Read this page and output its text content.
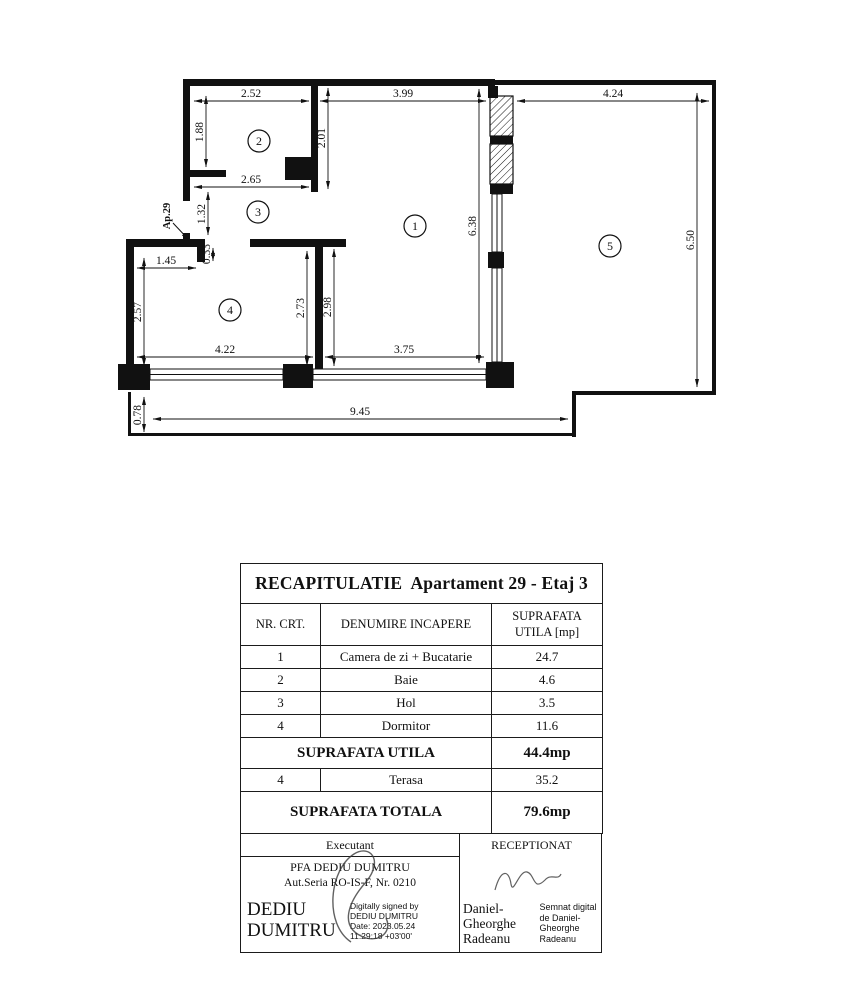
2.52	3.99	4.24
2.65
1.45
4.22	3.75
9.45
1.88	2.01
1.32
0.33
2.57	2.73 2.98
6.38
6.50
0.78
1
2
3
4
5
Ap.29
RECAPITULATIE  Apartament 29 - Etaj 3		
NR. CRT.	DENUMIRE INCAPERE	SUPRAFATA UTILA [mp]
1	Camera de zi + Bucatarie	24.7
2	Baie	4.6
3	Hol	3.5
4	Dormitor	11.6
SUPRAFATA UTILA		44.4mp
4	Terasa	35.2
SUPRAFATA TOTALA		79.6mp
Executant	RECEPTIONAT
Daniel-
Gheorghe
Radeanu
Semnat digital
de Daniel-
Gheorghe
Radeanu
PFA DEDIU DUMITRU
Aut.Seria RO-IS-F, Nr. 0210
DEDIU
DUMITRU
Digitally signed by
DEDIU DUMITRU
Date: 2023.05.24
11:29:18 +03'00'
